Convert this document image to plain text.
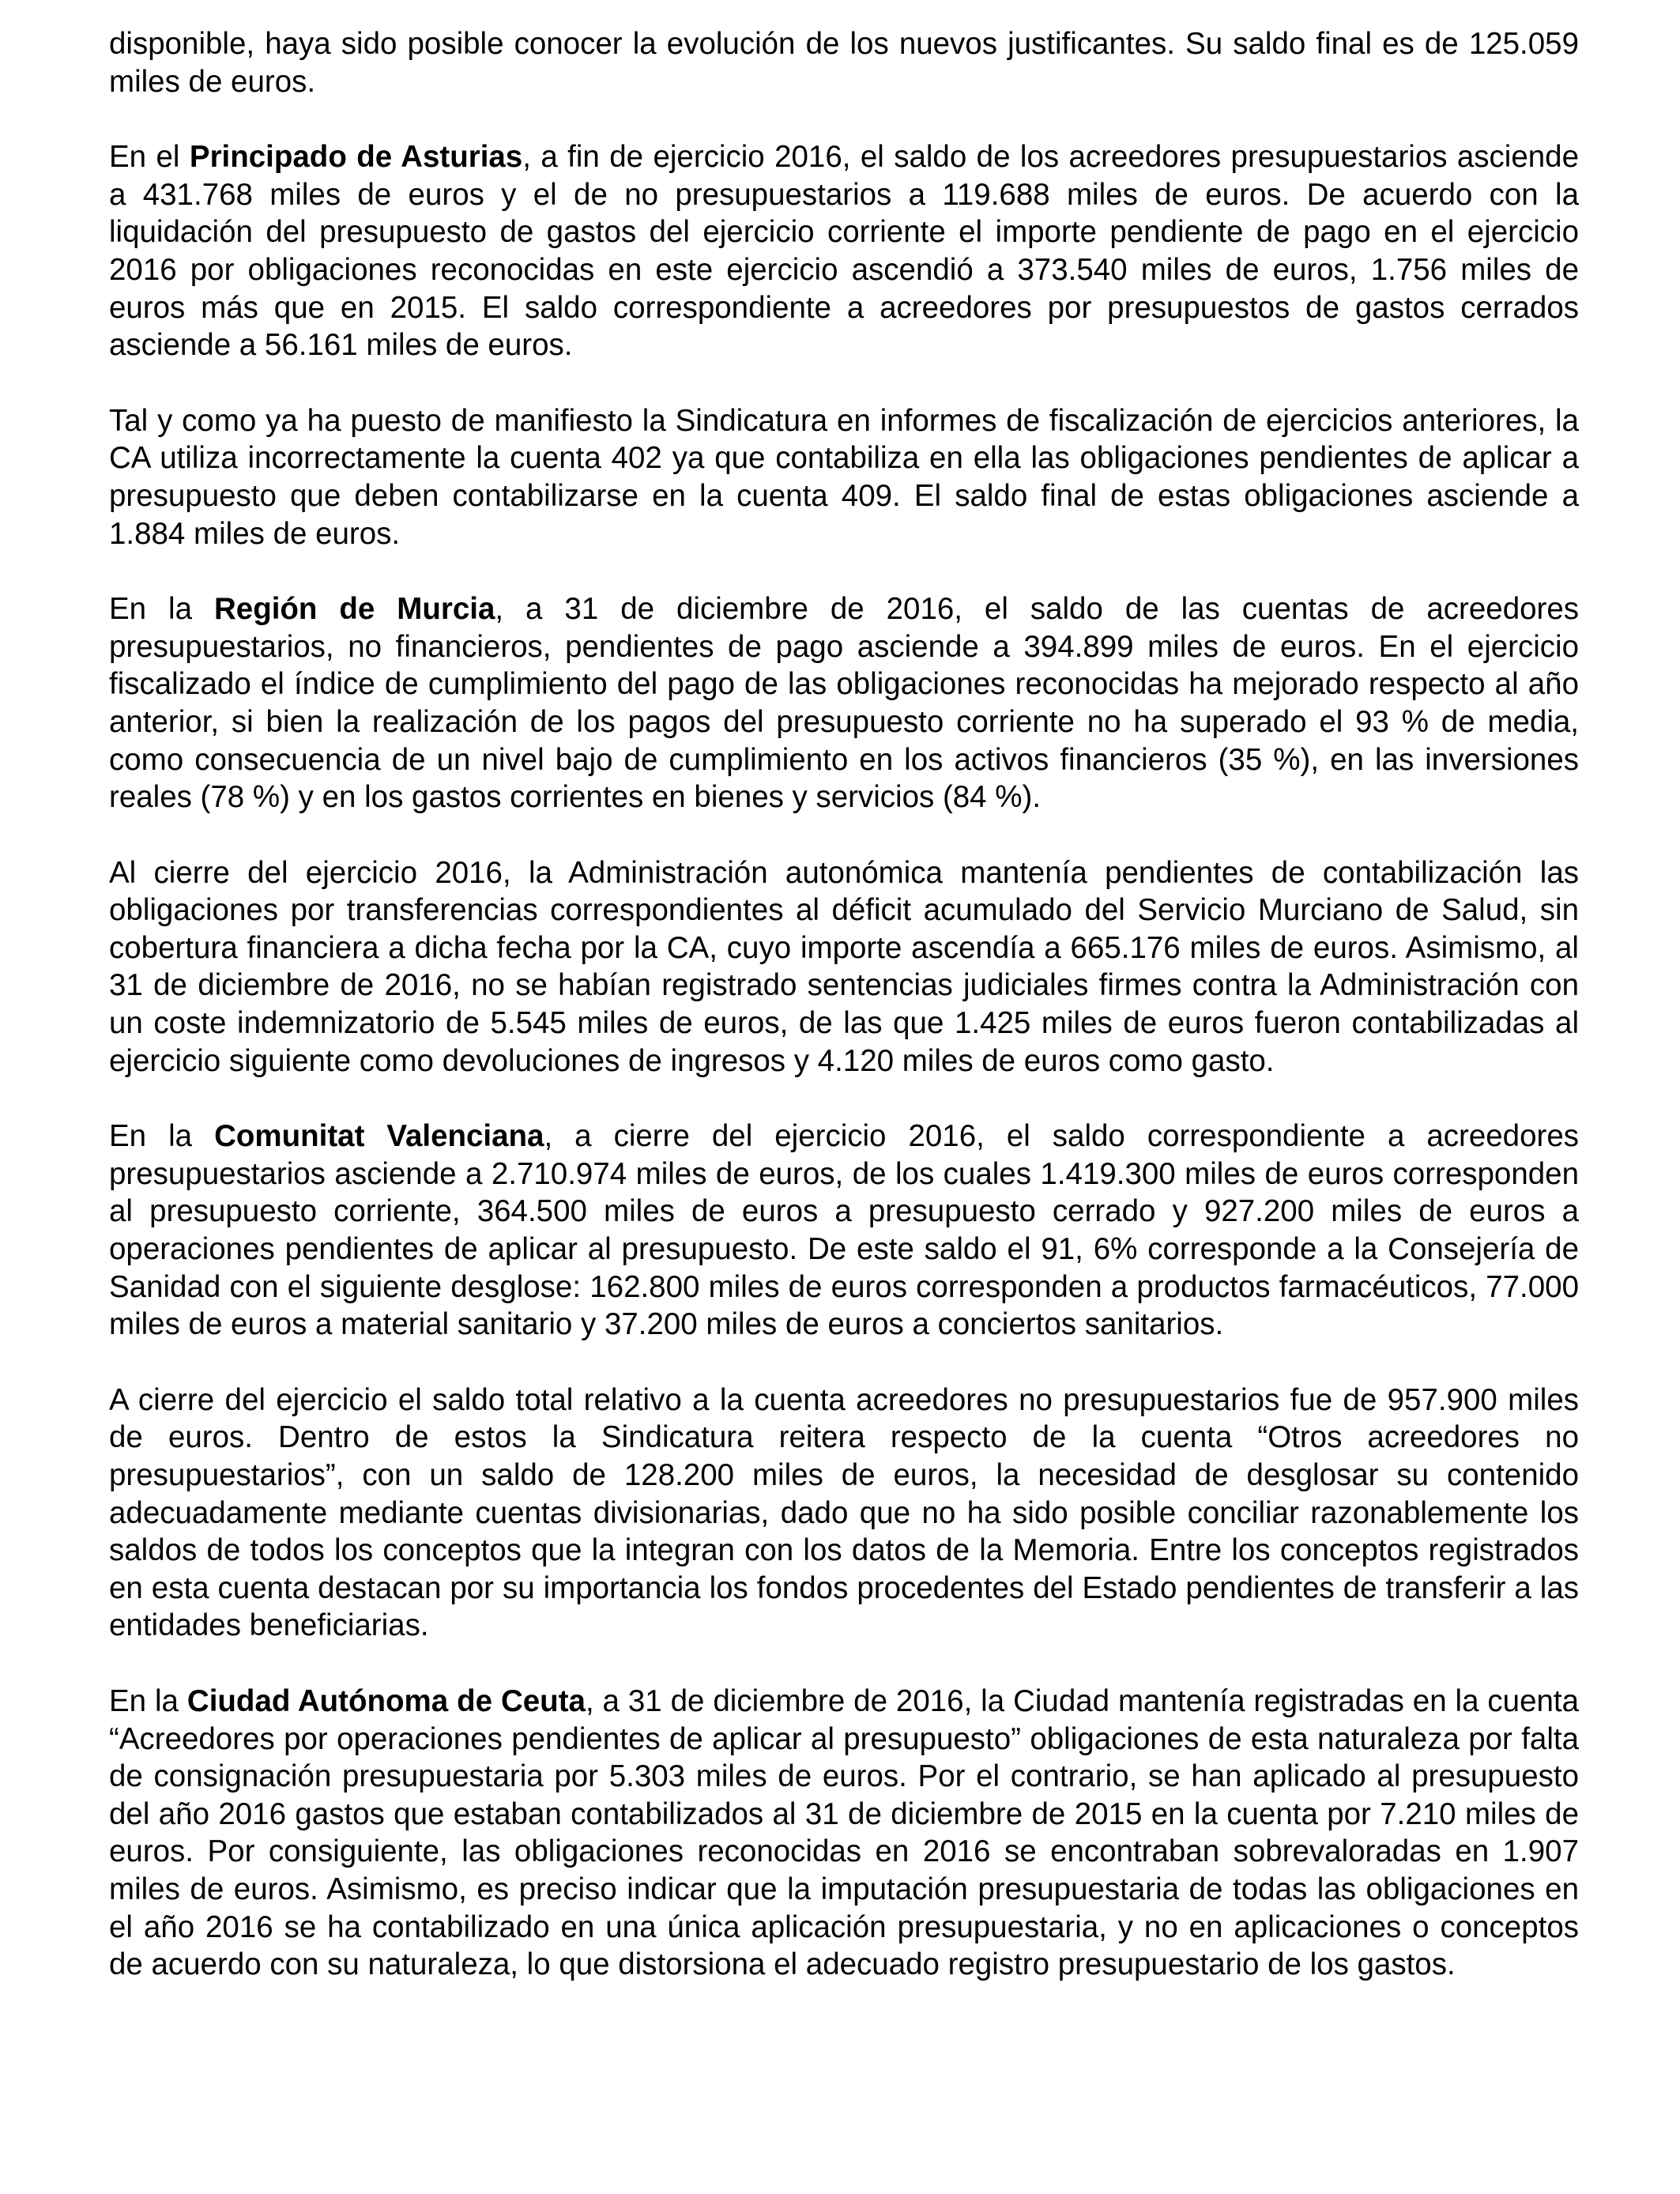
disponible, haya sido posible conocer la evolución de los nuevos justificantes. Su saldo final es de 125.059 miles de euros.

En el Principado de Asturias, a fin de ejercicio 2016, el saldo de los acreedores presupuestarios asciende a 431.768 miles de euros y el de no presupuestarios a 119.688 miles de euros. De acuerdo con la liquidación del presupuesto de gastos del ejercicio corriente el importe pendiente de pago en el ejercicio 2016 por obligaciones reconocidas en este ejercicio ascendió a 373.540 miles de euros, 1.756 miles de euros más que en 2015. El saldo correspondiente a acreedores por presupuestos de gastos cerrados asciende a 56.161 miles de euros.

Tal y como ya ha puesto de manifiesto la Sindicatura en informes de fiscalización de ejercicios anteriores, la CA utiliza incorrectamente la cuenta 402 ya que contabiliza en ella las obligaciones pendientes de aplicar a presupuesto que deben contabilizarse en la cuenta 409. El saldo final de estas obligaciones asciende a 1.884 miles de euros.

En la Región de Murcia, a 31 de diciembre de 2016, el saldo de las cuentas de acreedores presupuestarios, no financieros, pendientes de pago asciende a 394.899 miles de euros. En el ejercicio fiscalizado el índice de cumplimiento del pago de las obligaciones reconocidas ha mejorado respecto al año anterior, si bien la realización de los pagos del presupuesto corriente no ha superado el 93 % de media, como consecuencia de un nivel bajo de cumplimiento en los activos financieros (35 %), en las inversiones reales (78 %) y en los gastos corrientes en bienes y servicios (84 %).

Al cierre del ejercicio 2016, la Administración autonómica mantenía pendientes de contabilización las obligaciones por transferencias correspondientes al déficit acumulado del Servicio Murciano de Salud, sin cobertura financiera a dicha fecha por la CA, cuyo importe ascendía a 665.176 miles de euros. Asimismo, al 31 de diciembre de 2016, no se habían registrado sentencias judiciales firmes contra la Administración con un coste indemnizatorio de 5.545 miles de euros, de las que 1.425 miles de euros fueron contabilizadas al ejercicio siguiente como devoluciones de ingresos y 4.120 miles de euros como gasto.

En la Comunitat Valenciana, a cierre del ejercicio 2016, el saldo correspondiente a acreedores presupuestarios asciende a 2.710.974 miles de euros, de los cuales 1.419.300 miles de euros corresponden al presupuesto corriente, 364.500 miles de euros a presupuesto cerrado y 927.200 miles de euros a operaciones pendientes de aplicar al presupuesto. De este saldo el 91, 6% corresponde a la Consejería de Sanidad con el siguiente desglose: 162.800 miles de euros corresponden a productos farmacéuticos, 77.000 miles de euros a material sanitario y 37.200 miles de euros a conciertos sanitarios.

A cierre del ejercicio el saldo total relativo a la cuenta acreedores no presupuestarios fue de 957.900 miles de euros. Dentro de estos la Sindicatura reitera respecto de la cuenta “Otros acreedores no presupuestarios”, con un saldo de 128.200 miles de euros, la necesidad de desglosar su contenido adecuadamente mediante cuentas divisionarias, dado que no ha sido posible conciliar razonablemente los saldos de todos los conceptos que la integran con los datos de la Memoria. Entre los conceptos registrados en esta cuenta destacan por su importancia los fondos procedentes del Estado pendientes de transferir a las entidades beneficiarias.

En la Ciudad Autónoma de Ceuta, a 31 de diciembre de 2016, la Ciudad mantenía registradas en la cuenta “Acreedores por operaciones pendientes de aplicar al presupuesto” obligaciones de esta naturaleza por falta de consignación presupuestaria por 5.303 miles de euros. Por el contrario, se han aplicado al presupuesto del año 2016 gastos que estaban contabilizados al 31 de diciembre de 2015 en la cuenta por 7.210 miles de euros. Por consiguiente, las obligaciones reconocidas en 2016 se encontraban sobrevaloradas en 1.907 miles de euros. Asimismo, es preciso indicar que la imputación presupuestaria de todas las obligaciones en el año 2016 se ha contabilizado en una única aplicación presupuestaria, y no en aplicaciones o conceptos de acuerdo con su naturaleza, lo que distorsiona el adecuado registro presupuestario de los gastos.
